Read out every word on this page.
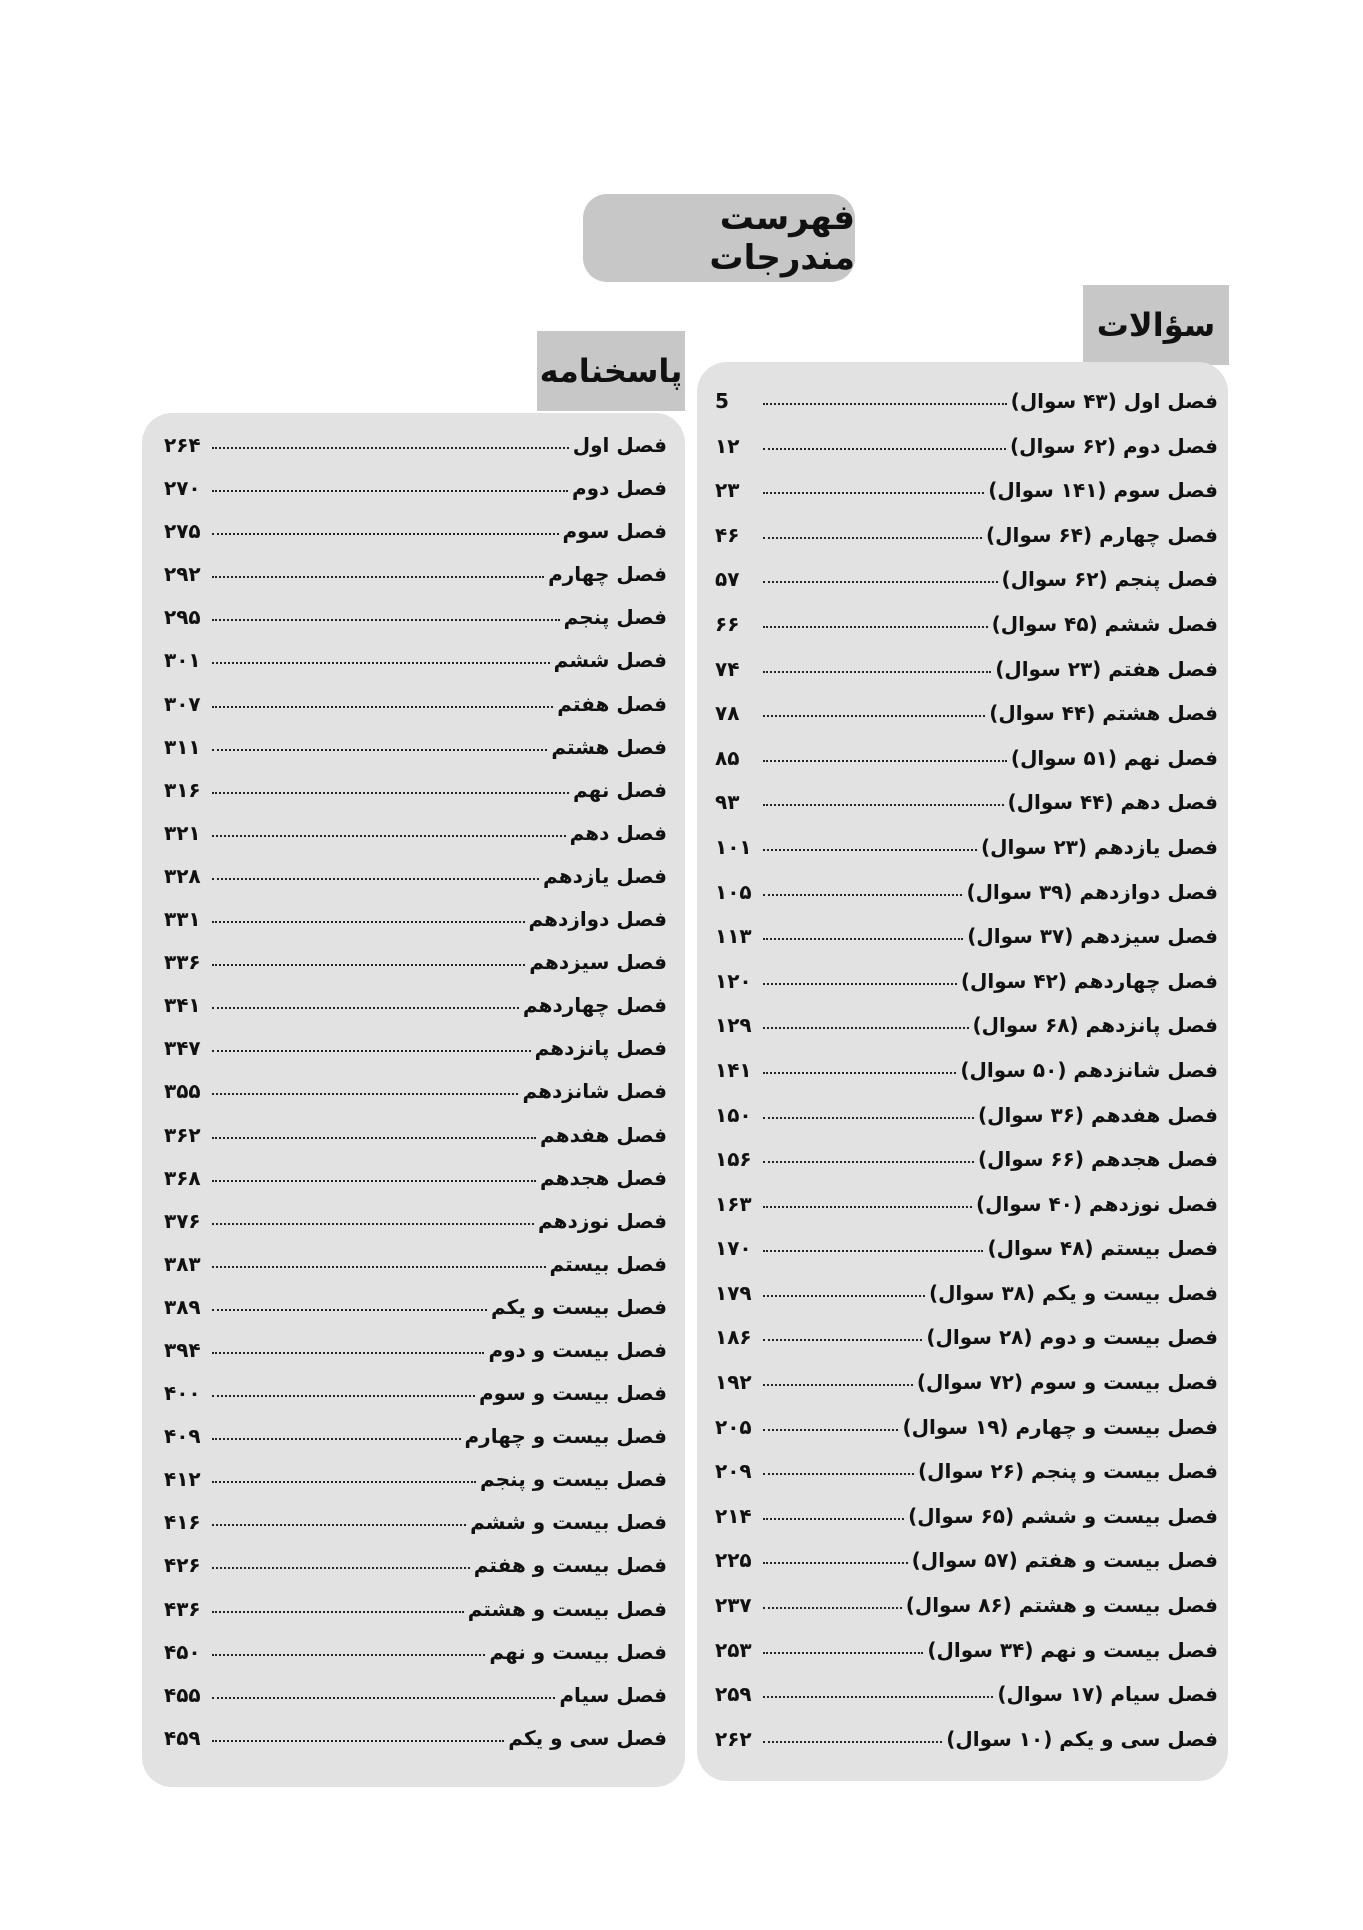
فهرست مندرجات
سؤالات
فصل اول (۴۳ سوال)
5
فصل دوم (۶۲ سوال)
۱۲
فصل سوم (۱۴۱ سوال)
۲۳
فصل چهارم (۶۴ سوال)
۴۶
فصل پنجم (۶۲ سوال)
۵۷
فصل ششم (۴۵ سوال)
۶۶
فصل هفتم (۲۳ سوال)
۷۴
فصل هشتم (۴۴ سوال)
۷۸
فصل نهم (۵۱ سوال)
۸۵
فصل دهم (۴۴ سوال)
۹۳
فصل یازدهم (۲۳ سوال)
۱۰۱
فصل دوازدهم (۳۹ سوال)
۱۰۵
فصل سیزدهم (۳۷ سوال)
۱۱۳
فصل چهاردهم (۴۲ سوال)
۱۲۰
فصل پانزدهم (۶۸ سوال)
۱۲۹
فصل شانزدهم (۵۰ سوال)
۱۴۱
فصل هفدهم (۳۶ سوال)
۱۵۰
فصل هجدهم (۶۶ سوال)
۱۵۶
فصل نوزدهم (۴۰ سوال)
۱۶۳
فصل بیستم (۴۸ سوال)
۱۷۰
فصل بیست و یکم (۳۸ سوال)
۱۷۹
فصل بیست و دوم (۲۸ سوال)
۱۸۶
فصل بیست و سوم (۷۲ سوال)
۱۹۲
فصل بیست و چهارم (۱۹ سوال)
۲۰۵
فصل بیست و پنجم (۲۶ سوال)
۲۰۹
فصل بیست و ششم (۶۵ سوال)
۲۱۴
فصل بیست و هفتم (۵۷ سوال)
۲۲۵
فصل بیست و هشتم (۸۶ سوال)
۲۳۷
فصل بیست و نهم (۳۴ سوال)
۲۵۳
فصل سیام (۱۷ سوال)
۲۵۹
فصل سی و یکم (۱۰ سوال)
۲۶۲
پاسخنامه
فصل اول
۲۶۴
فصل دوم
۲۷۰
فصل سوم
۲۷۵
فصل چهارم
۲۹۲
فصل پنجم
۲۹۵
فصل ششم
۳۰۱
فصل هفتم
۳۰۷
فصل هشتم
۳۱۱
فصل نهم
۳۱۶
فصل دهم
۳۲۱
فصل یازدهم
۳۲۸
فصل دوازدهم
۳۳۱
فصل سیزدهم
۳۳۶
فصل چهاردهم
۳۴۱
فصل پانزدهم
۳۴۷
فصل شانزدهم
۳۵۵
فصل هفدهم
۳۶۲
فصل هجدهم
۳۶۸
فصل نوزدهم
۳۷۶
فصل بیستم
۳۸۳
فصل بیست و یکم
۳۸۹
فصل بیست و دوم
۳۹۴
فصل بیست و سوم
۴۰۰
فصل بیست و چهارم
۴۰۹
فصل بیست و پنجم
۴۱۲
فصل بیست و ششم
۴۱۶
فصل بیست و هفتم
۴۲۶
فصل بیست و هشتم
۴۳۶
فصل بیست و نهم
۴۵۰
فصل سیام
۴۵۵
فصل سی و یکم
۴۵۹
